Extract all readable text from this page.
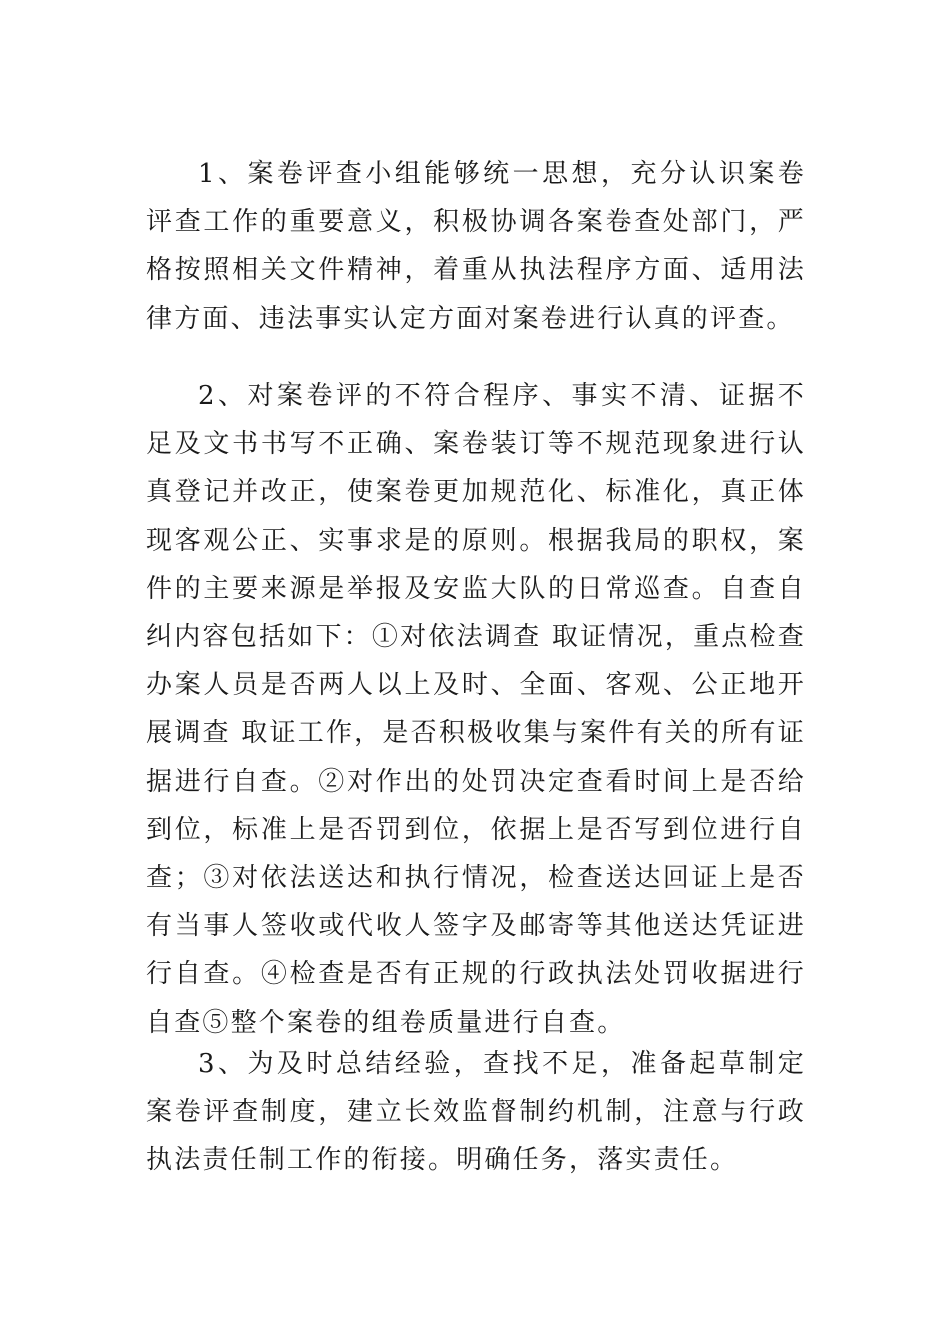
1、案卷评查小组能够统一思想，充分认识案卷评查工作的重要意义，积极协调各案卷查处部门，严格按照相关文件精神，着重从执法程序方面、适用法律方面、违法事实认定方面对案卷进行认真的评查。

2、对案卷评的不符合程序、事实不清、证据不足及文书书写不正确、案卷装订等不规范现象进行认真登记并改正，使案卷更加规范化、标准化，真正体现客观公正、实事求是的原则。根据我局的职权，案件的主要来源是举报及安监大队的日常巡查。自查自纠内容包括如下：①对依法调查 取证情况，重点检查办案人员是否两人以上及时、全面、客观、公正地开展调查 取证工作，是否积极收集与案件有关的所有证据进行自查。②对作出的处罚决定查看时间上是否给到位，标准上是否罚到位，依据上是否写到位进行自查；③对依法送达和执行情况，检查送达回证上是否有当事人签收或代收人签字及邮寄等其他送达凭证进行自查。④检查是否有正规的行政执法处罚收据进行自查⑤整个案卷的组卷质量进行自查。

3、为及时总结经验，查找不足，准备起草制定案卷评查制度，建立长效监督制约机制，注意与行政执法责任制工作的衔接。明确任务，落实责任。
